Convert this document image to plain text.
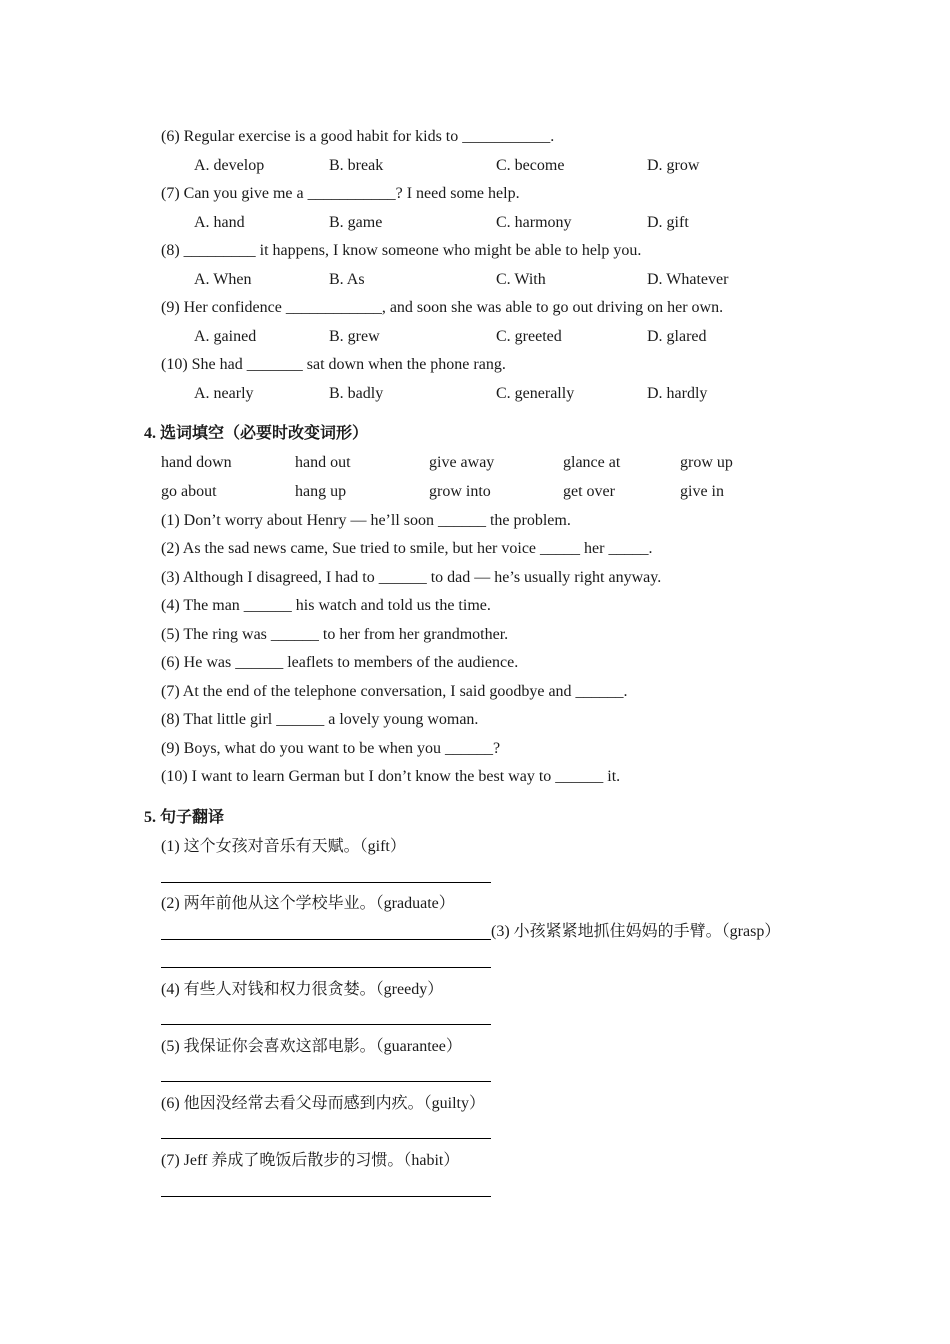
(6) Regular exercise is a good habit for kids to ___________.
A. develop	B. break	C. become	D. grow
(7) Can you give me a ___________? I need some help.
A. hand	B. game	C. harmony	D. gift
(8) _________ it happens, I know someone who might be able to help you.
A. When	B. As	C. With	D. Whatever
(9) Her confidence ____________, and soon she was able to go out driving on her own.
A. gained	B. grew	C. greeted	D. glared
(10) She had _______ sat down when the phone rang.
A. nearly	B. badly	C. generally	D. hardly
4. 选词填空（必要时改变词形）
hand down	hand out	give away	glance at	grow up
go about	hang up	grow into	get over	give in
(1) Don’t worry about Henry — he’ll soon ______ the problem.
(2) As the sad news came, Sue tried to smile, but her voice _____ her _____.
(3) Although I disagreed, I had to ______ to dad — he’s usually right anyway.
(4) The man ______ his watch and told us the time.
(5) The ring was ______ to her from her grandmother.
(6) He was ______ leaflets to members of the audience.
(7) At the end of the telephone conversation, I said goodbye and ______.
(8) That little girl ______ a lovely young woman.
(9) Boys, what do you want to be when you ______?
(10) I want to learn German but I don’t know the best way to ______ it.
5. 句子翻译
(1) 这个女孩对音乐有天赋。（gift）
(2) 两年前他从这个学校毕业。（graduate）
(3) 小孩紧紧地抓住妈妈的手臂。（grasp）
(4) 有些人对钱和权力很贪婪。（greedy）
(5) 我保证你会喜欢这部电影。（guarantee）
(6) 他因没经常去看父母而感到内疚。（guilty）
(7) Jeff 养成了晚饭后散步的习惯。（habit）
